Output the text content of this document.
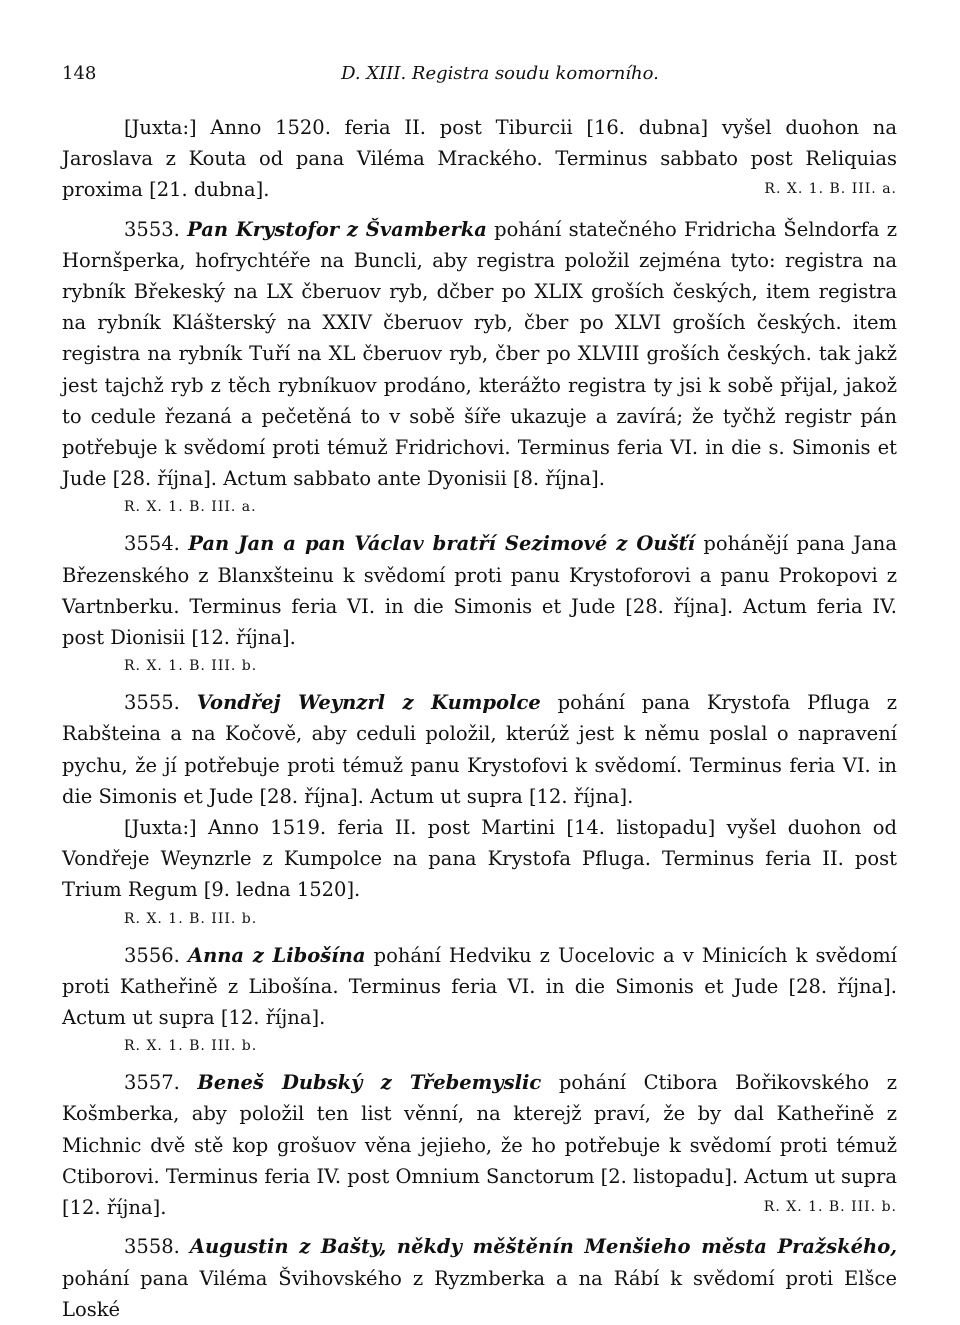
148	D. XIII. Registra soudu komorního.

[Juxta:] Anno 1520. feria II. post Tiburcii [16. dubna] vyšel duohon na Jaroslava z Kouta od pana Viléma Mrackého. Terminus sabbato post Reliquias proxima [21. dubna].	R. X. 1. B. III. a.

3553. Pan Krystofor z Švamberka pohání statečného Fridricha Šelndorfa z Hornšperka, hofrychtéře na Buncli, aby registra položil zejména tyto: registra na rybník Břekeský na LX čberuov ryb, dčber po XLIX groších českých, item registra na rybník Klášterský na XXIV čberuov ryb, čber po XLVI groších českých. item registra na rybník Tuří na XL čberuov ryb, čber po XLVIII groších českých. tak jakž jest tajchž ryb z těch rybníkuov prodáno, kterážto registra ty jsi k sobě přijal, jakož to cedule řezaná a pečetěná to v sobě šíře ukazuje a zavírá; že tyčhž registr pán potřebuje k svědomí proti témuž Fridrichovi. Terminus feria VI. in die s. Simonis et Jude [28. října]. Actum sabbato ante Dyonisii [8. října].

R. X. 1. B. III. a.

3554. Pan Jan a pan Václav bratří Sezimové z Oušťí pohánějí pana Jana Březenského z Blanxšteinu k svědomí proti panu Krystoforovi a panu Prokopovi z Vartnberku. Terminus feria VI. in die Simonis et Jude [28. října]. Actum feria IV. post Dionisii [12. října].

R. X. 1. B. III. b.

3555. Vondřej Weynzrl z Kumpolce pohání pana Krystofa Pfluga z Rabšteina a na Kočově, aby ceduli položil, kterúž jest k němu poslal o napravení pychu, že jí potřebuje proti témuž panu Krystofovi k svědomí. Terminus feria VI. in die Simonis et Jude [28. října]. Actum ut supra [12. října].

[Juxta:] Anno 1519. feria II. post Martini [14. listopadu] vyšel duohon od Vondřeje Weynzrle z Kumpolce na pana Krystofa Pfluga. Terminus feria II. post Trium Regum [9. ledna 1520].

R. X. 1. B. III. b.

3556. Anna z Libošína pohání Hedviku z Uocelovic a v Minicích k svědomí proti Katheřině z Libošína. Terminus feria VI. in die Simonis et Jude [28. října]. Actum ut supra [12. října].

R. X. 1. B. III. b.

3557. Beneš Dubský z Třebemyslic pohání Ctibora Bořikovského z Košmberka, aby položil ten list věnní, na kterejž praví, že by dal Katheřině z Michnic dvě stě kop grošuov věna jejieho, že ho potřebuje k svědomí proti témuž Ctiborovi. Terminus feria IV. post Omnium Sanctorum [2. listopadu]. Actum ut supra [12. října].	R. X. 1. B. III. b.

3558. Augustin z Bašty, někdy měštěnín Menšieho města Pražského, pohání pana Viléma Švihovského z Ryzmberka a na Rábí k svědomí proti Elšce Loské
